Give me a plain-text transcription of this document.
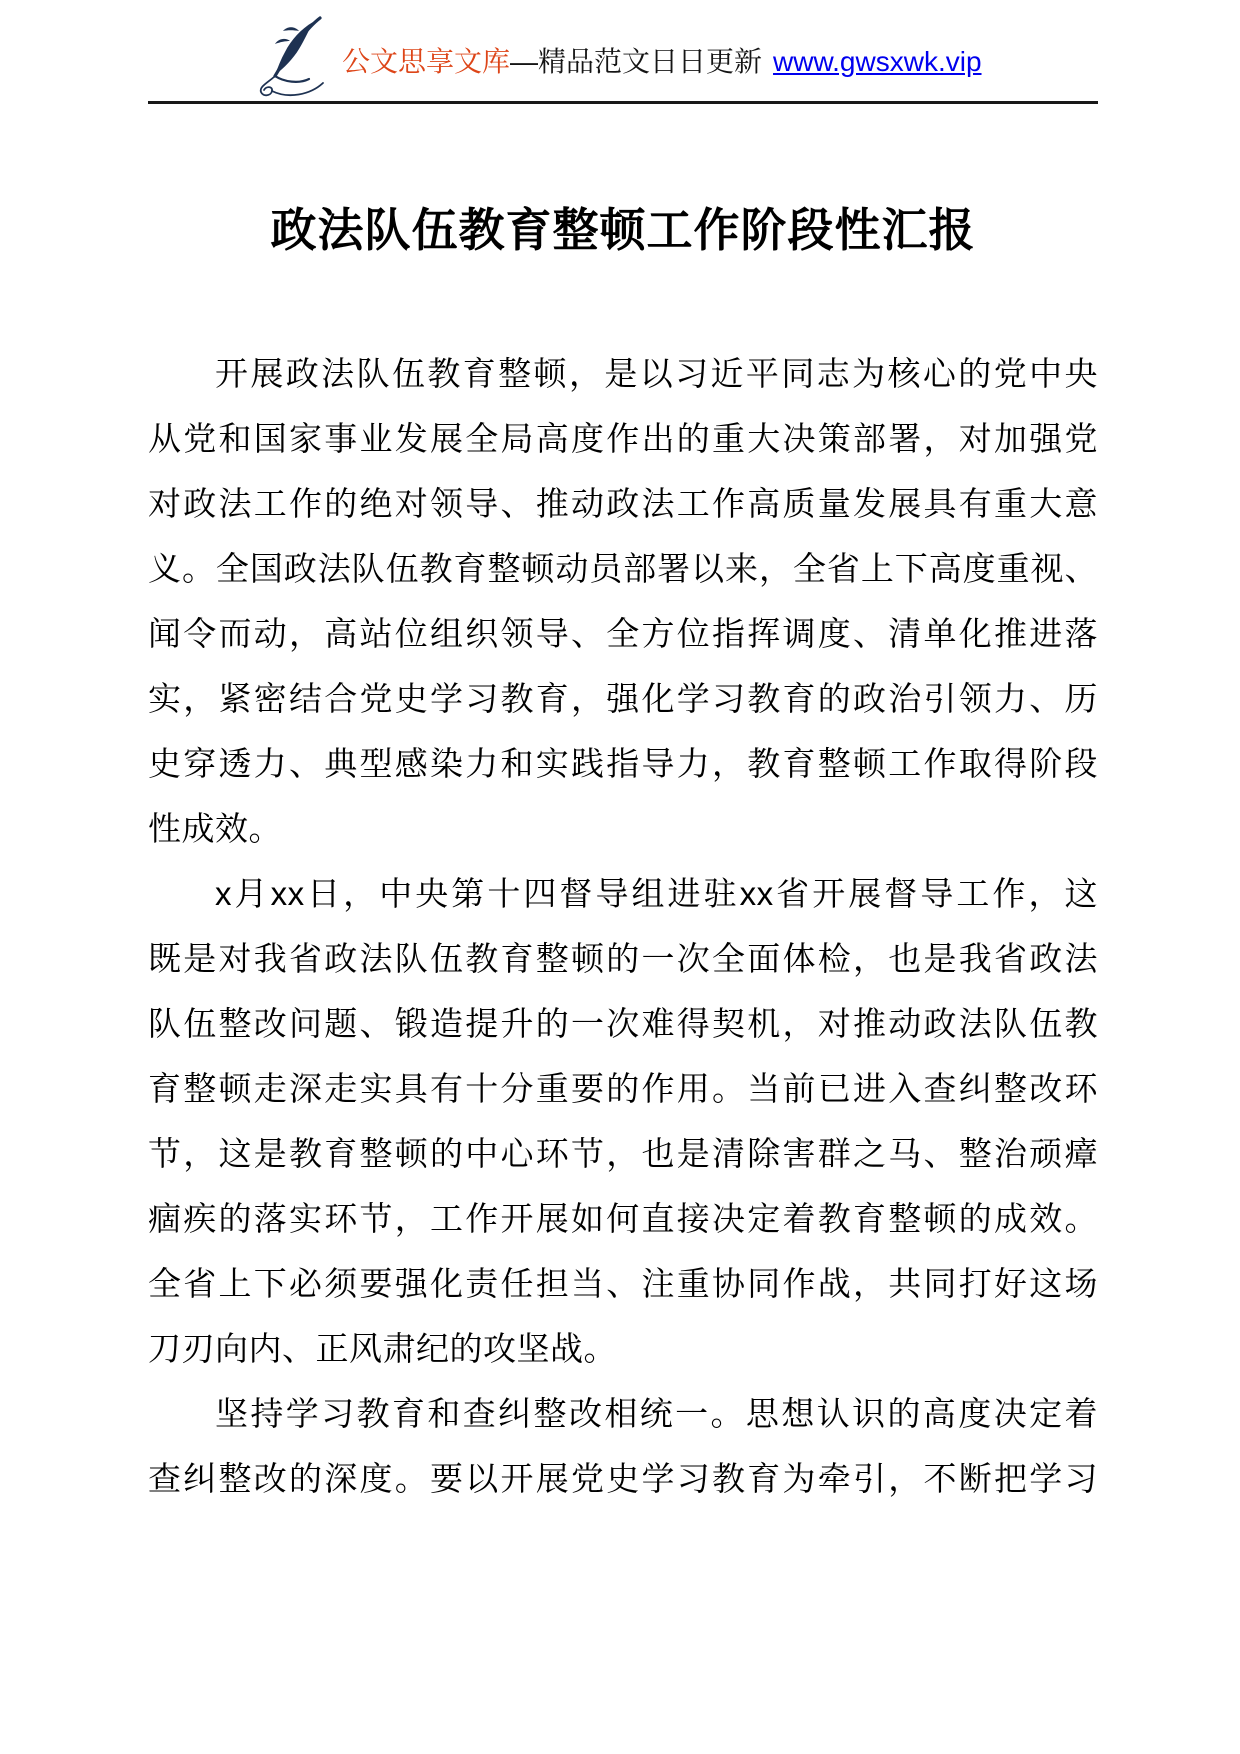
公文思享文库—精品范文日日更新 www.gwsxwk.vip
政法队伍教育整顿工作阶段性汇报
开展政法队伍教育整顿，是以习近平同志为核心的党中央
从党和国家事业发展全局高度作出的重大决策部署，对加强党
对政法工作的绝对领导、推动政法工作高质量发展具有重大意
义。全国政法队伍教育整顿动员部署以来，全省上下高度重视、
闻令而动，高站位组织领导、全方位指挥调度、清单化推进落
实，紧密结合党史学习教育，强化学习教育的政治引领力、历
史穿透力、典型感染力和实践指导力，教育整顿工作取得阶段
性成效。
x月xx日，中央第十四督导组进驻xx省开展督导工作，这
既是对我省政法队伍教育整顿的一次全面体检，也是我省政法
队伍整改问题、锻造提升的一次难得契机，对推动政法队伍教
育整顿走深走实具有十分重要的作用。当前已进入查纠整改环
节，这是教育整顿的中心环节，也是清除害群之马、整治顽瘴
痼疾的落实环节，工作开展如何直接决定着教育整顿的成效。
全省上下必须要强化责任担当、注重协同作战，共同打好这场
刀刃向内、正风肃纪的攻坚战。
坚持学习教育和查纠整改相统一。思想认识的高度决定着
查纠整改的深度。要以开展党史学习教育为牵引，不断把学习
